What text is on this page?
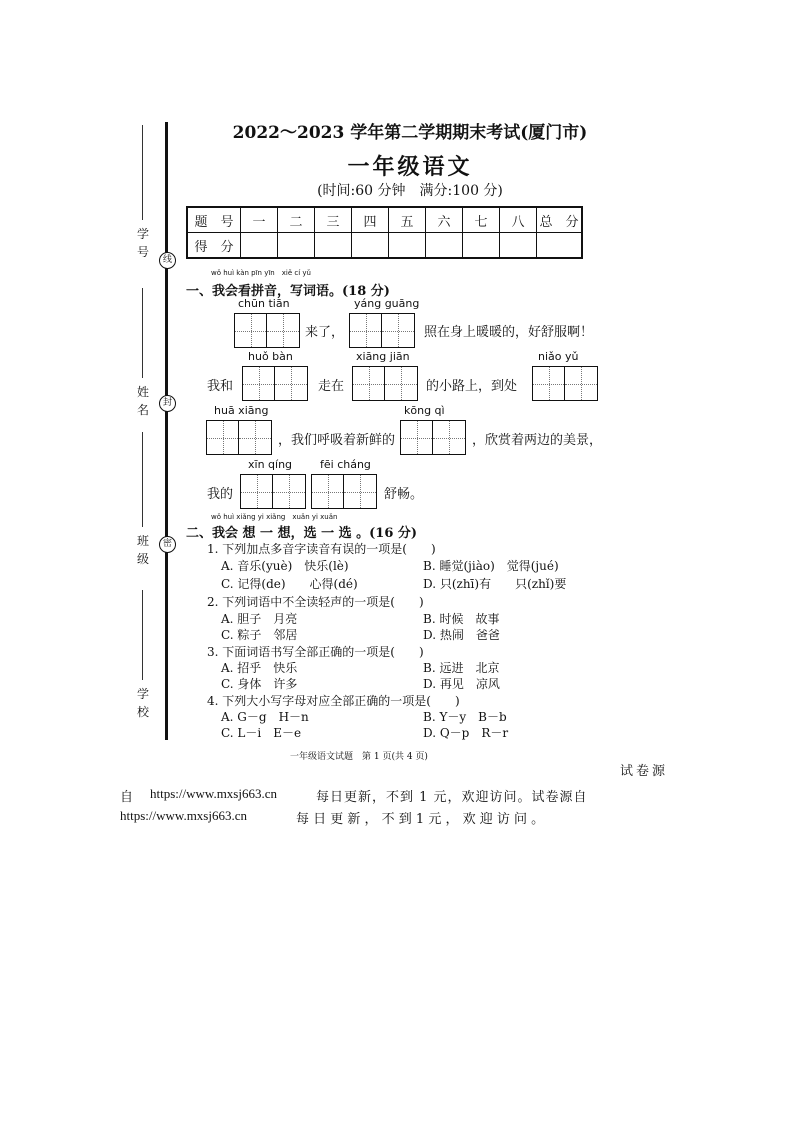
学 号
线
姓 名	封
班 级
密
学 校
2022～2023 学年第二学期期末考试(厦门市)
一年级语文
(时间:60 分钟　满分:100 分)
题　号	一	二	三	四	五	六	七	八	总　分
得　分									
wǒ huì kàn pīn yīn　xiě cí yǔ
一、我会看拼音，写词语。(18 分)
chūn tiān	yáng guāng
来了，	照在身上暖暖的，好舒服啊！
huǒ bàn	xiāng jiān	niǎo yǔ
我和	走在	的小路上，到处
huā xiāng	kōng qì
，我们呼吸着新鲜的	，欣赏着两边的美景，
xīn qíng	fēi cháng
我的	舒畅。
wǒ huì xiǎng yi xiǎng　xuǎn yi xuǎn
二、我会 想 一 想，选 一 选 。(16 分)
1. 下列加点多音字读音有误的一项是(　　)
A. 音乐(yuè)　快乐(lè)	B. 睡觉(jiào)　觉得(jué)
C. 记得(de)　　心得(dé)	D. 只(zhī)有　　只(zhǐ)要
2. 下列词语中不全读轻声的一项是(　　)
A. 胆子　月亮	B. 时候　故事
C. 粽子　邻居	D. 热闹　爸爸
3. 下面词语书写全部正确的一项是(　　)
A. 招乎　快乐	B. 远进　北京
C. 身体　许多	D. 再见　凉风
4. 下列大小写字母对应全部正确的一项是(　　)
A. G－g　H－n	B. Y－y　B－b
C. L－i　E－e	D. Q－p　R－r
一年级语文试题　第 1 页(共 4 页)
试卷源
自 https://www.mxsj663.cn	每日更新，不到 1 元，欢迎访问。试卷源自
https://www.mxsj663.cn	每 日 更 新 ， 不 到 1 元 ， 欢 迎 访 问 。
